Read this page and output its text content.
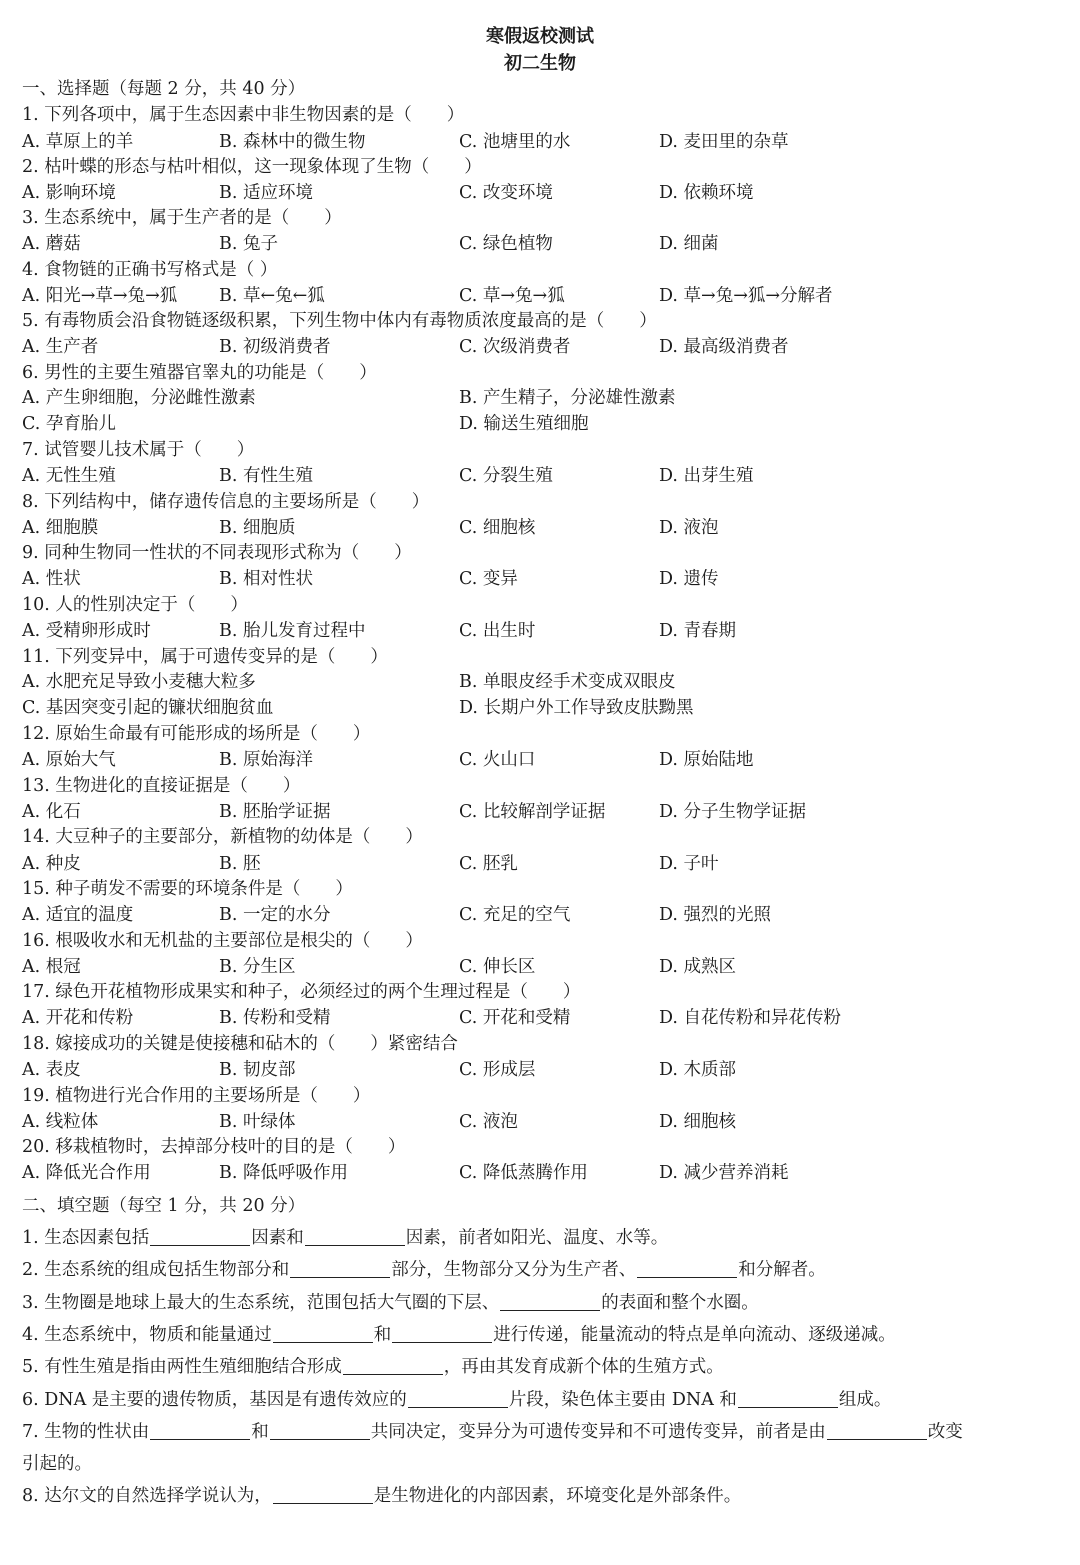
寒假返校测试
初二生物
一、选择题（每题 2 分，共 40 分）
1. 下列各项中，属于生态因素中非生物因素的是（　　）
A. 草原上的羊	B. 森林中的微生物	C. 池塘里的水	D. 麦田里的杂草
2. 枯叶蝶的形态与枯叶相似，这一现象体现了生物（　　）
A. 影响环境	B. 适应环境	C. 改变环境	D. 依赖环境
3. 生态系统中，属于生产者的是（　　）
A. 蘑菇	B. 兔子	C. 绿色植物	D. 细菌
4. 食物链的正确书写格式是（ ）
A. 阳光→草→兔→狐 B. 草←兔←狐	C. 草→兔→狐	D. 草→兔→狐→分解者
5. 有毒物质会沿食物链逐级积累，下列生物中体内有毒物质浓度最高的是（　　）
A. 生产者	B. 初级消费者	C. 次级消费者	D. 最高级消费者
6. 男性的主要生殖器官睾丸的功能是（　　）
A. 产生卵细胞，分泌雌性激素	B. 产生精子，分泌雄性激素
C. 孕育胎儿	D. 输送生殖细胞
7. 试管婴儿技术属于（　　）
A. 无性生殖	B. 有性生殖	C. 分裂生殖	D. 出芽生殖
8. 下列结构中，储存遗传信息的主要场所是（　　）
A. 细胞膜	B. 细胞质	C. 细胞核	D. 液泡
9. 同种生物同一性状的不同表现形式称为（　　）
A. 性状	B. 相对性状	C. 变异	D. 遗传
10. 人的性别决定于（　　）
A. 受精卵形成时	B. 胎儿发育过程中	C. 出生时	D. 青春期
11. 下列变异中，属于可遗传变异的是（　　）
A. 水肥充足导致小麦穗大粒多	B. 单眼皮经手术变成双眼皮
C. 基因突变引起的镰状细胞贫血	D. 长期户外工作导致皮肤黝黑
12. 原始生命最有可能形成的场所是（　　）
A. 原始大气	B. 原始海洋	C. 火山口	D. 原始陆地
13. 生物进化的直接证据是（　　）
A. 化石	B. 胚胎学证据	C. 比较解剖学证据	D. 分子生物学证据
14. 大豆种子的主要部分，新植物的幼体是（　　）
A. 种皮	B. 胚	C. 胚乳	D. 子叶
15. 种子萌发不需要的环境条件是（　　）
A. 适宜的温度	B. 一定的水分	C. 充足的空气	D. 强烈的光照
16. 根吸收水和无机盐的主要部位是根尖的（　　）
A. 根冠	B. 分生区	C. 伸长区	D. 成熟区
17. 绿色开花植物形成果实和种子，必须经过的两个生理过程是（　　）
A. 开花和传粉	B. 传粉和受精	C. 开花和受精	D. 自花传粉和异花传粉
18. 嫁接成功的关键是使接穗和砧木的（　　）紧密结合
A. 表皮	B. 韧皮部	C. 形成层	D. 木质部
19. 植物进行光合作用的主要场所是（　　）
A. 线粒体	B. 叶绿体	C. 液泡	D. 细胞核
20. 移栽植物时，去掉部分枝叶的目的是（　　）
A. 降低光合作用	B. 降低呼吸作用	C. 降低蒸腾作用	D. 减少营养消耗
二、填空题（每空 1 分，共 20 分）
1. 生态因素包括	因素和	因素，前者如阳光、温度、水等。
2. 生态系统的组成包括生物部分和	部分，生物部分又分为生产者、	和分解者。
3. 生物圈是地球上最大的生态系统，范围包括大气圈的下层、	的表面和整个水圈。
4. 生态系统中，物质和能量通过	和	进行传递，能量流动的特点是单向流动、逐级递减。
5. 有性生殖是指由两性生殖细胞结合形成	，再由其发育成新个体的生殖方式。
6. DNA 是主要的遗传物质，基因是有遗传效应的	片段，染色体主要由 DNA 和	组成。
7. 生物的性状由	和	共同决定，变异分为可遗传变异和不可遗传变异，前者是由	改变
引起的。
8. 达尔文的自然选择学说认为，	是生物进化的内部因素，环境变化是外部条件。
